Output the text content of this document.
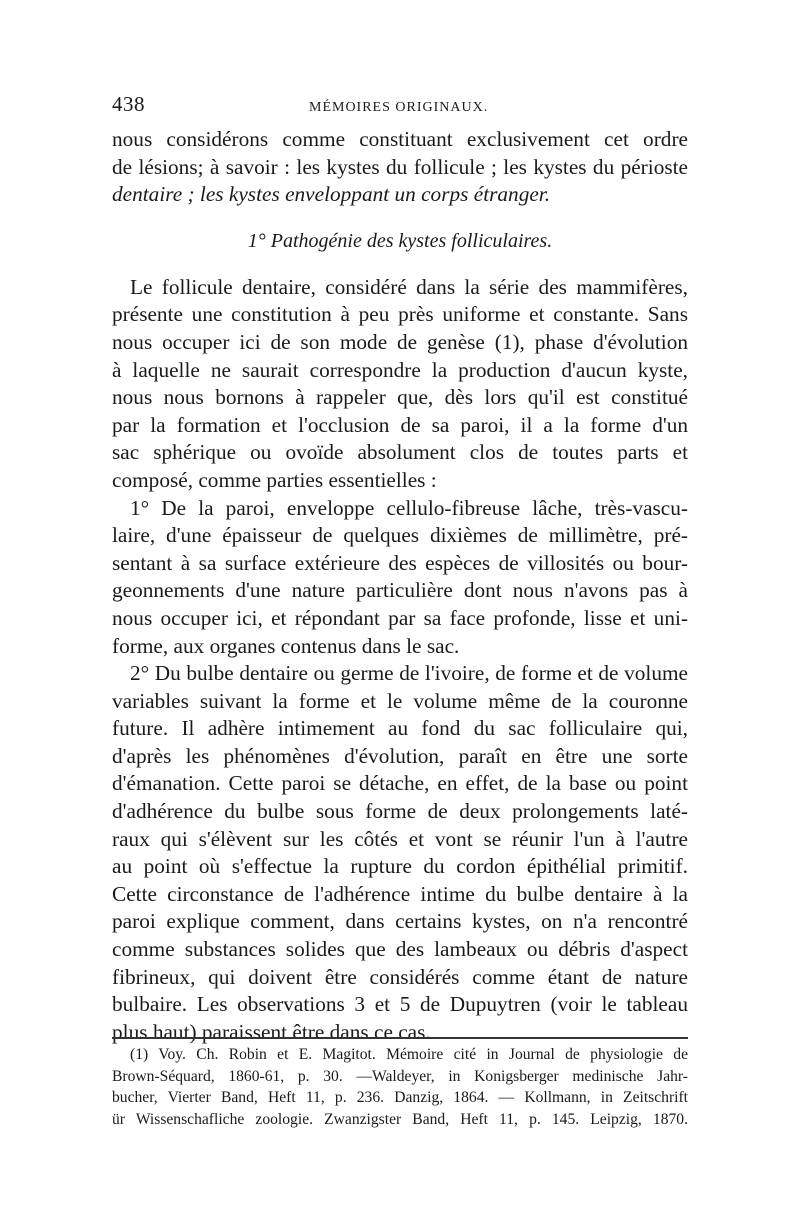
438	MÉMOIRES ORIGINAUX.
nous considérons comme constituant exclusivement cet ordre
de lésions; à savoir : les kystes du follicule ; les kystes du périoste
dentaire ; les kystes enveloppant un corps étranger.
1° Pathogénie des kystes folliculaires.
Le follicule dentaire, considéré dans la série des mammifères,
présente une constitution à peu près uniforme et constante. Sans
nous occuper ici de son mode de genèse (1), phase d'évolution
à laquelle ne saurait correspondre la production d'aucun kyste,
nous nous bornons à rappeler que, dès lors qu'il est constitué
par la formation et l'occlusion de sa paroi, il a la forme d'un
sac sphérique ou ovoïde absolument clos de toutes parts et
composé, comme parties essentielles :
1° De la paroi, enveloppe cellulo-fibreuse lâche, très-vascu-
laire, d'une épaisseur de quelques dixièmes de millimètre, pré-
sentant à sa surface extérieure des espèces de villosités ou bour-
geonnements d'une nature particulière dont nous n'avons pas à
nous occuper ici, et répondant par sa face profonde, lisse et uni-
forme, aux organes contenus dans le sac.
2° Du bulbe dentaire ou germe de l'ivoire, de forme et de volume
variables suivant la forme et le volume même de la couronne
future. Il adhère intimement au fond du sac folliculaire qui,
d'après les phénomènes d'évolution, paraît en être une sorte
d'émanation. Cette paroi se détache, en effet, de la base ou point
d'adhérence du bulbe sous forme de deux prolongements laté-
raux qui s'élèvent sur les côtés et vont se réunir l'un à l'autre
au point où s'effectue la rupture du cordon épithélial primitif.
Cette circonstance de l'adhérence intime du bulbe dentaire à la
paroi explique comment, dans certains kystes, on n'a rencontré
comme substances solides que des lambeaux ou débris d'aspect
fibrineux, qui doivent être considérés comme étant de nature
bulbaire. Les observations 3 et 5 de Dupuytren (voir le tableau
plus haut) paraissent être dans ce cas.
(1) Voy. Ch. Robin et E. Magitot. Mémoire cité in Journal de physiologie de
Brown-Séquard, 1860-61, p. 30. —Waldeyer, in Konigsberger medinische Jahr-
bucher, Vierter Band, Heft 11, p. 236. Danzig, 1864. — Kollmann, in Zeitschrift
ür Wissenschafliche zoologie. Zwanzigster Band, Heft 11, p. 145. Leipzig, 1870.
